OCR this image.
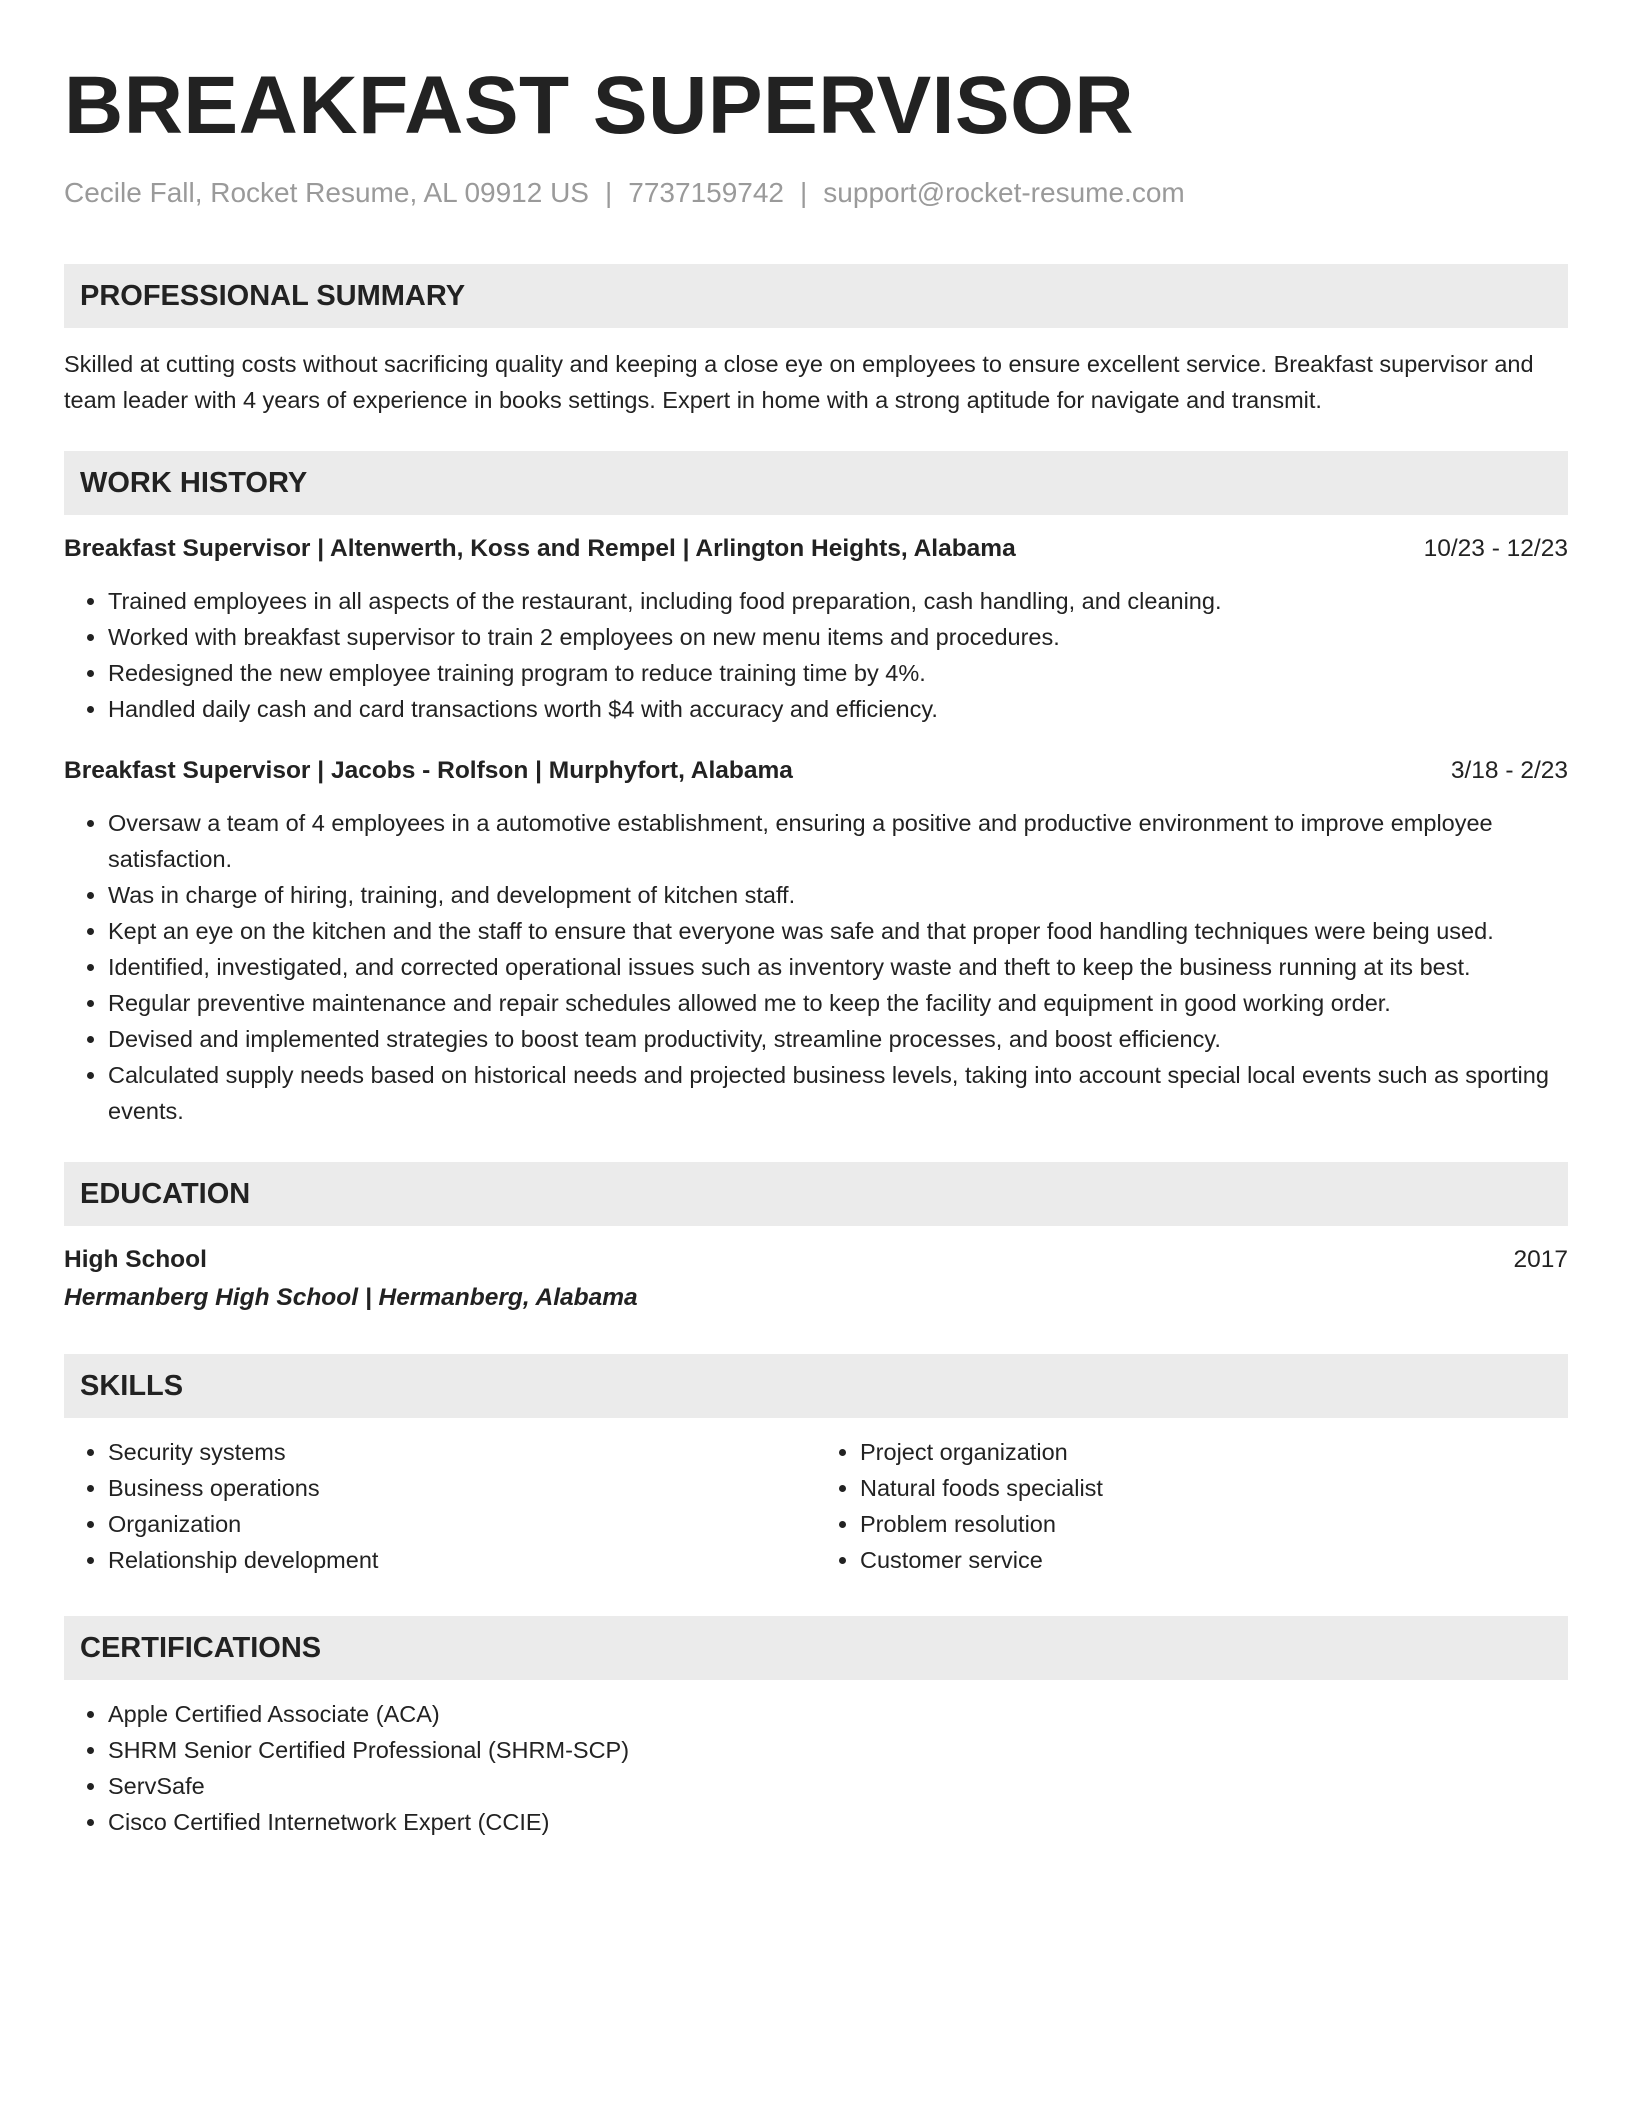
BREAKFAST SUPERVISOR
Cecile Fall, Rocket Resume, AL 09912 US | 7737159742 | support@rocket-resume.com
PROFESSIONAL SUMMARY

Skilled at cutting costs without sacrificing quality and keeping a close eye on employees to ensure excellent service. Breakfast supervisor and team leader with 4 years of experience in books settings. Expert in home with a strong aptitude for navigate and transmit.

WORK HISTORY
Breakfast Supervisor | Altenwerth, Koss and Rempel | Arlington Heights, Alabama	10/23 - 12/23
• Trained employees in all aspects of the restaurant, including food preparation, cash handling, and cleaning.
• Worked with breakfast supervisor to train 2 employees on new menu items and procedures.
• Redesigned the new employee training program to reduce training time by 4%.
• Handled daily cash and card transactions worth $4 with accuracy and efficiency.
Breakfast Supervisor | Jacobs - Rolfson | Murphyfort, Alabama	3/18 - 2/23
• Oversaw a team of 4 employees in a automotive establishment, ensuring a positive and productive environment to improve employee satisfaction.
• Was in charge of hiring, training, and development of kitchen staff.
• Kept an eye on the kitchen and the staff to ensure that everyone was safe and that proper food handling techniques were being used.
• Identified, investigated, and corrected operational issues such as inventory waste and theft to keep the business running at its best.
• Regular preventive maintenance and repair schedules allowed me to keep the facility and equipment in good working order.
• Devised and implemented strategies to boost team productivity, streamline processes, and boost efficiency.
• Calculated supply needs based on historical needs and projected business levels, taking into account special local events such as sporting events.
EDUCATION
High School	2017
Hermanberg High School | Hermanberg, Alabama
SKILLS
• Security systems
• Business operations
• Organization
• Relationship development
• Project organization
• Natural foods specialist
• Problem resolution
• Customer service
CERTIFICATIONS
• Apple Certified Associate (ACA)
• SHRM Senior Certified Professional (SHRM-SCP)
• ServSafe
• Cisco Certified Internetwork Expert (CCIE)
